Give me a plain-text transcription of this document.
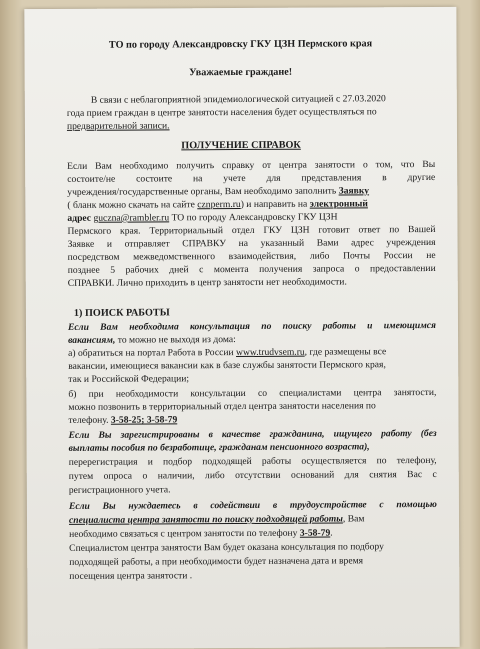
ТО по городу Александровску ГКУ ЦЗН Пермского края
Уважаемые граждане!
В связи с неблагоприятной эпидемиологической ситуацией с 27.03.2020
года прием граждан в центре занятости населения будет осуществляться по
предварительной записи.
ПОЛУЧЕНИЕ СПРАВОК
Если Вам необходимо получить справку от центра занятости о том, что Вы
состоите/не состоите на учете для представления в другие
учреждения/государственные органы, Вам необходимо заполнить Заявку
( бланк можно скачать на сайте cznperm.ru) и направить на электронный
адрес guczna@rambler.ru ТО по городу Александровску ГКУ ЦЗН
Пермского края. Территориальный отдел ГКУ ЦЗН готовит ответ по Вашей
Заявке и отправляет СПРАВКУ на указанный Вами адрес учреждения
посредством межведомственного взаимодействия, либо Почты России не
позднее 5 рабочих дней с момента получения запроса о предоставлении
СПРАВКИ. Лично приходить в центр занятости нет необходимости.
1) ПОИСК РАБОТЫ
Если Вам необходима консультация по поиску работы и имеющимся
вакансиям, то можно не выходя из дома:
а) обратиться на портал Работа в России www.trudvsem.ru, где размещены все
вакансии, имеющиеся вакансии как в базе службы занятости Пермского края,
так и Российской Федерации;
б) при необходимости консультации со специалистами центра занятости,
можно позвонить в территориальный отдел центра занятости населения по
телефону. 3-58-25; 3-58-79
Если Вы зарегистрированы в качестве гражданина, ищущего работу (без
выплаты пособия по безработице, гражданам пенсионного возраста),
перерегистрация и подбор подходящей работы осуществляется по телефону,
путем опроса о наличии, либо отсутствии оснований для снятия Вас с
регистрационного учета.
Если Вы нуждаетесь в содействии в трудоустройстве с помощью
специалиста центра занятости по поиску подходящей работы, Вам
необходимо связаться с центром занятости по телефону 3-58-79.
Специалистом центра занятости Вам будет оказана консультация по подбору
подходящей работы, а при необходимости будет назначена дата и время
посещения центра занятости .
